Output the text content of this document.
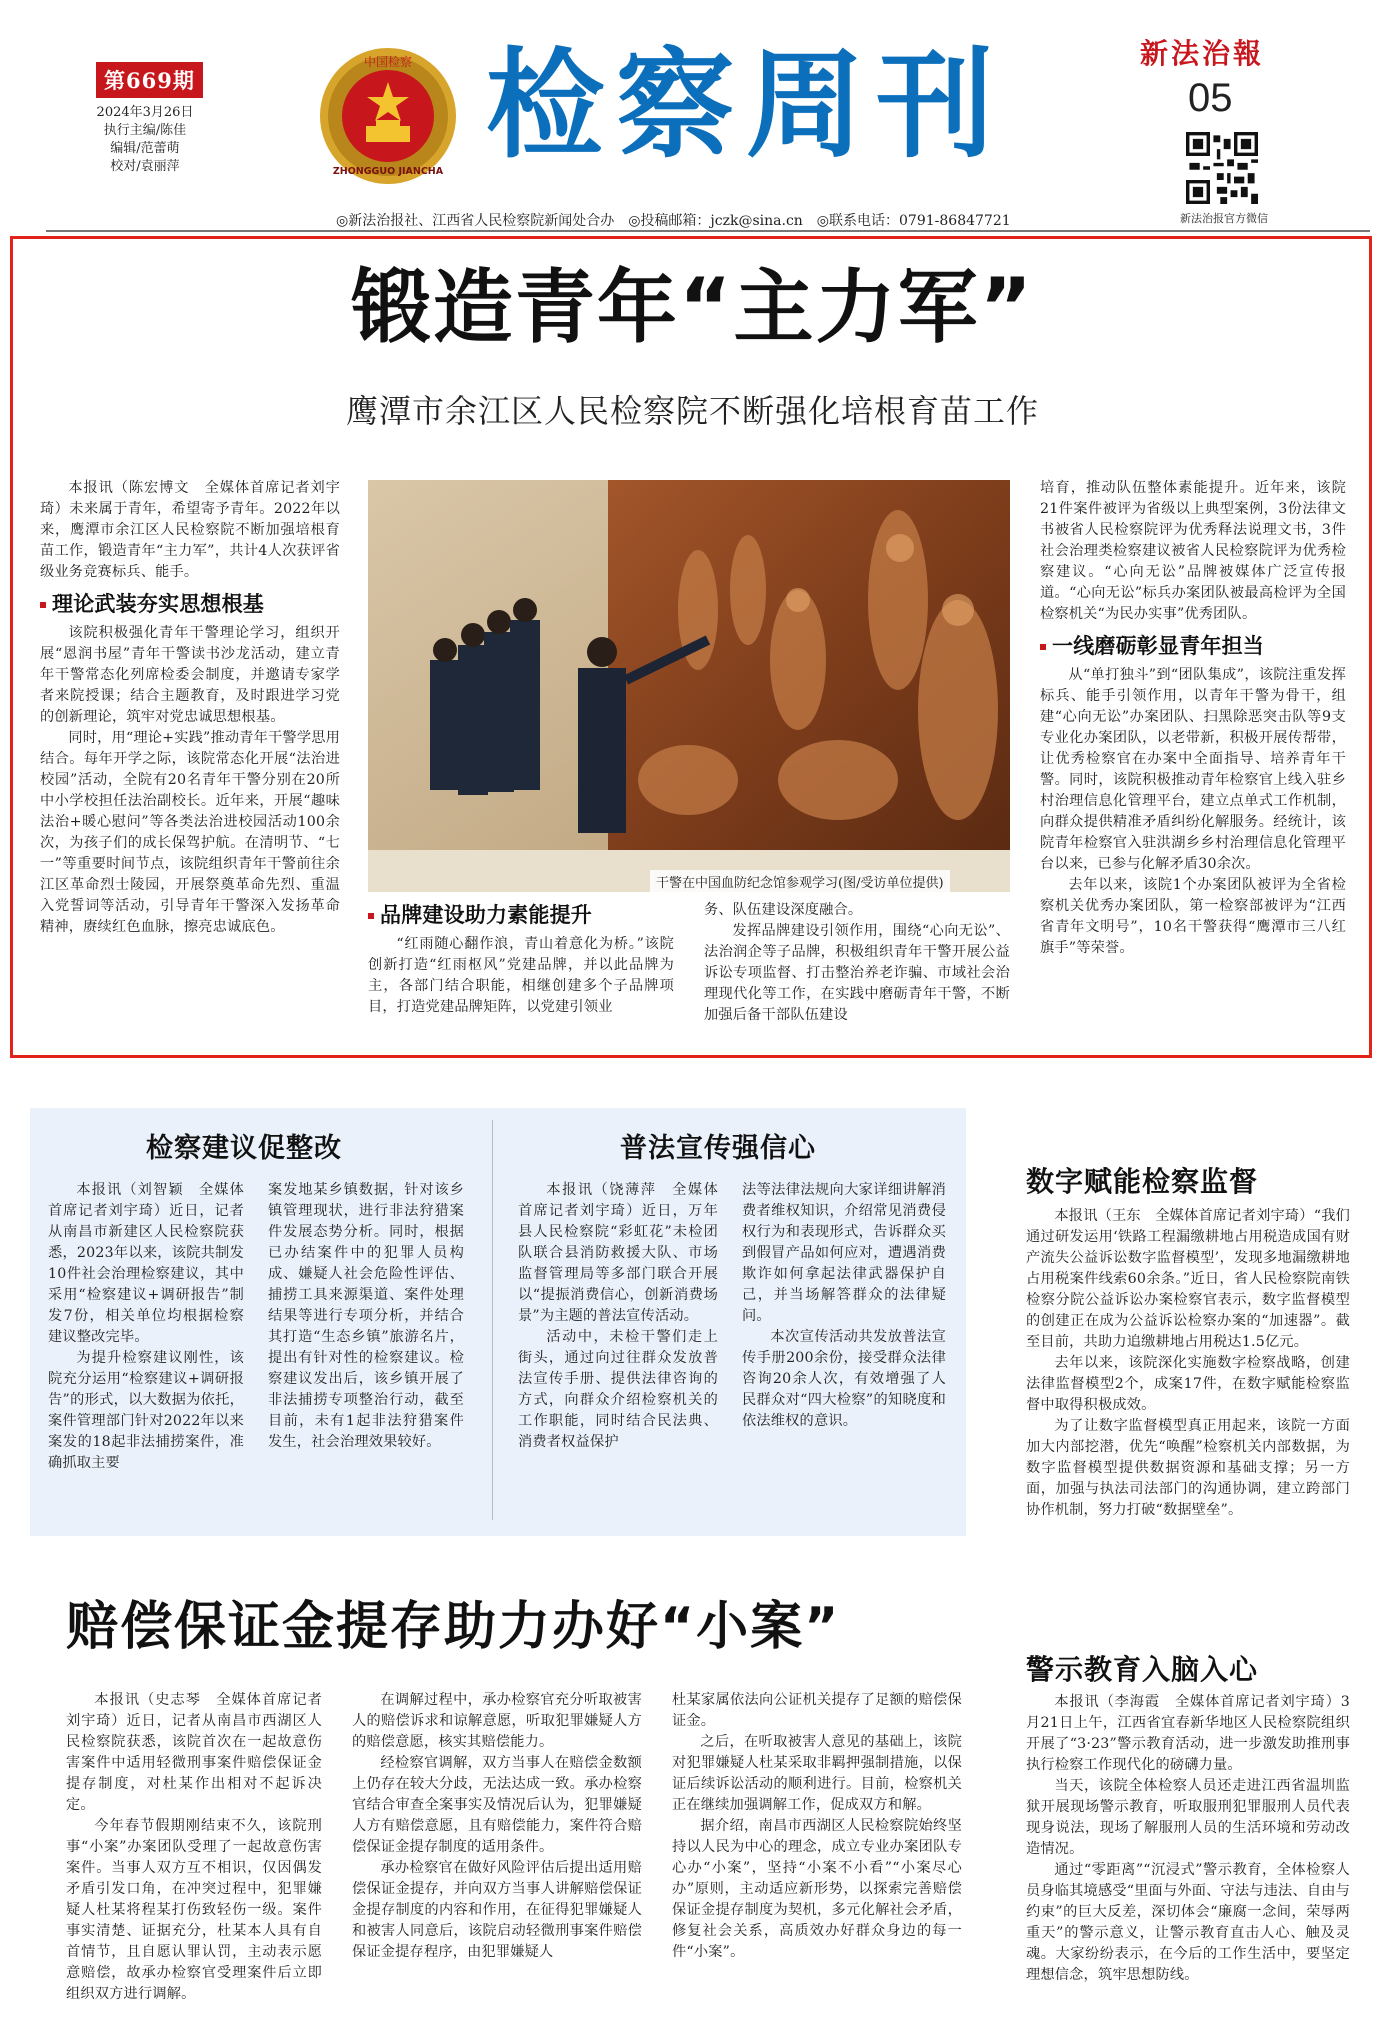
第669期
2024年3月26日
执行主编/陈佳
编辑/范蕾萌
校对/袁丽萍
中国检察
ZHONGGUO JIANCHA 检察周刊	新法治報
05
新法治报官方微信
◎新法治报社、江西省人民检察院新闻处合办　◎投稿邮箱：jczk@sina.cn　◎联系电话：0791-86847721
锻造青年“主力军”
鹰潭市余江区人民检察院不断强化培根育苗工作

本报讯（陈宏博文　全媒体首席记者刘宇琦）未来属于青年，希望寄予青年。2022年以来，鹰潭市余江区人民检察院不断加强培根育苗工作，锻造青年“主力军”，共计4人次获评省级业务竞赛标兵、能手。

理论武装夯实思想根基

该院积极强化青年干警理论学习，组织开展“恩润书屋”青年干警读书沙龙活动，建立青年干警常态化列席检委会制度，并邀请专家学者来院授课；结合主题教育，及时跟进学习党的创新理论，筑牢对党忠诚思想根基。

同时，用“理论+实践”推动青年干警学思用结合。每年开学之际，该院常态化开展“法治进校园”活动，全院有20名青年干警分别在20所中小学校担任法治副校长。近年来，开展“趣味法治+暖心慰问”等各类法治进校园活动100余次，为孩子们的成长保驾护航。在清明节、“七一”等重要时间节点，该院组织青年干警前往余江区革命烈士陵园，开展祭奠革命先烈、重温入党誓词等活动，引导青年干警深入发扬革命精神，赓续红色血脉，擦亮忠诚底色。

干警在中国血防纪念馆参观学习(图/受访单位提供)
品牌建设助力素能提升

“红雨随心翻作浪，青山着意化为桥。”该院创新打造“红雨枢风”党建品牌，并以此品牌为主，各部门结合职能，相继创建多个子品牌项目，打造党建品牌矩阵，以党建引领业

务、队伍建设深度融合。

发挥品牌建设引领作用，围绕“心向无讼”、法治润企等子品牌，积极组织青年干警开展公益诉讼专项监督、打击整治养老诈骗、市域社会治理现代化等工作，在实践中磨砺青年干警，不断加强后备干部队伍建设

培育，推动队伍整体素能提升。近年来，该院21件案件被评为省级以上典型案例，3份法律文书被省人民检察院评为优秀释法说理文书，3件社会治理类检察建议被省人民检察院评为优秀检察建议。“心向无讼”品牌被媒体广泛宣传报道。“心向无讼”标兵办案团队被最高检评为全国检察机关“为民办实事”优秀团队。

一线磨砺彰显青年担当

从“单打独斗”到“团队集成”，该院注重发挥标兵、能手引领作用，以青年干警为骨干，组建“心向无讼”办案团队、扫黑除恶突击队等9支专业化办案团队，以老带新，积极开展传帮带，让优秀检察官在办案中全面指导、培养青年干警。同时，该院积极推动青年检察官上线入驻乡村治理信息化管理平台，建立点单式工作机制，向群众提供精准矛盾纠纷化解服务。经统计，该院青年检察官入驻洪湖乡乡村治理信息化管理平台以来，已参与化解矛盾30余次。

去年以来，该院1个办案团队被评为全省检察机关优秀办案团队，第一检察部被评为“江西省青年文明号”，10名干警获得“鹰潭市三八红旗手”等荣誉。

检察建议促整改

本报讯（刘智颖　全媒体首席记者刘宇琦）近日，记者从南昌市新建区人民检察院获悉，2023年以来，该院共制发10件社会治理检察建议，其中采用“检察建议+调研报告”制发7份，相关单位均根据检察建议整改完毕。

为提升检察建议刚性，该院充分运用“检察建议+调研报告”的形式，以大数据为依托，案件管理部门针对2022年以来案发的18起非法捕捞案件，准确抓取主要

案发地某乡镇数据，针对该乡镇管理现状，进行非法狩猎案件发展态势分析。同时，根据已办结案件中的犯罪人员构成、嫌疑人社会危险性评估、捕捞工具来源渠道、案件处理结果等进行专项分析，并结合其打造“生态乡镇”旅游名片，提出有针对性的检察建议。检察建议发出后，该乡镇开展了非法捕捞专项整治行动，截至目前，未有1起非法狩猎案件发生，社会治理效果较好。

普法宣传强信心

本报讯（饶薄萍　全媒体首席记者刘宇琦）近日，万年县人民检察院“彩虹花”未检团队联合县消防救援大队、市场监督管理局等多部门联合开展以“提振消费信心，创新消费场景”为主题的普法宣传活动。

活动中，未检干警们走上街头，通过向过往群众发放普法宣传手册、提供法律咨询的方式，向群众介绍检察机关的工作职能，同时结合民法典、消费者权益保护

法等法律法规向大家详细讲解消费者维权知识，介绍常见消费侵权行为和表现形式，告诉群众买到假冒产品如何应对，遭遇消费欺诈如何拿起法律武器保护自己，并当场解答群众的法律疑问。

本次宣传活动共发放普法宣传手册200余份，接受群众法律咨询20余人次，有效增强了人民群众对“四大检察”的知晓度和依法维权的意识。

数字赋能检察监督

本报讯（王东　全媒体首席记者刘宇琦）“我们通过研发运用‘铁路工程漏缴耕地占用税造成国有财产流失公益诉讼数字监督模型’，发现多地漏缴耕地占用税案件线索60余条。”近日，省人民检察院南铁检察分院公益诉讼办案检察官表示，数字监督模型的创建正在成为公益诉讼检察办案的“加速器”。截至目前，共助力追缴耕地占用税达1.5亿元。

去年以来，该院深化实施数字检察战略，创建法律监督模型2个，成案17件，在数字赋能检察监督中取得积极成效。

为了让数字监督模型真正用起来，该院一方面加大内部挖潜，优先“唤醒”检察机关内部数据，为数字监督模型提供数据资源和基础支撑；另一方面，加强与执法司法部门的沟通协调，建立跨部门协作机制，努力打破“数据壁垒”。

赔偿保证金提存助力办好“小案”

本报讯（史志琴　全媒体首席记者刘宇琦）近日，记者从南昌市西湖区人民检察院获悉，该院首次在一起故意伤害案件中适用轻微刑事案件赔偿保证金提存制度，对杜某作出相对不起诉决定。

今年春节假期刚结束不久，该院刑事“小案”办案团队受理了一起故意伤害案件。当事人双方互不相识，仅因偶发矛盾引发口角，在冲突过程中，犯罪嫌疑人杜某将程某打伤致轻伤一级。案件事实清楚、证据充分，杜某本人具有自首情节，且自愿认罪认罚，主动表示愿意赔偿，故承办检察官受理案件后立即组织双方进行调解。

在调解过程中，承办检察官充分听取被害人的赔偿诉求和谅解意愿，听取犯罪嫌疑人方的赔偿意愿，核实其赔偿能力。

经检察官调解，双方当事人在赔偿金数额上仍存在较大分歧，无法达成一致。承办检察官结合审查全案事实及情况后认为，犯罪嫌疑人方有赔偿意愿，且有赔偿能力，案件符合赔偿保证金提存制度的适用条件。

承办检察官在做好风险评估后提出适用赔偿保证金提存，并向双方当事人讲解赔偿保证金提存制度的内容和作用，在征得犯罪嫌疑人和被害人同意后，该院启动轻微刑事案件赔偿保证金提存程序，由犯罪嫌疑人

杜某家属依法向公证机关提存了足额的赔偿保证金。

之后，在听取被害人意见的基础上，该院对犯罪嫌疑人杜某采取非羁押强制措施，以保证后续诉讼活动的顺利进行。目前，检察机关正在继续加强调解工作，促成双方和解。

据介绍，南昌市西湖区人民检察院始终坚持以人民为中心的理念，成立专业办案团队专心办“小案”，坚持“小案不小看”“小案尽心办”原则，主动适应新形势，以探索完善赔偿保证金提存制度为契机，多元化解社会矛盾，修复社会关系，高质效办好群众身边的每一件“小案”。

警示教育入脑入心

本报讯（李海霞　全媒体首席记者刘宇琦）3月21日上午，江西省宜春新华地区人民检察院组织开展了“3·23”警示教育活动，进一步激发助推刑事执行检察工作现代化的磅礴力量。

当天，该院全体检察人员还走进江西省温圳监狱开展现场警示教育，听取服刑犯罪服刑人员代表现身说法，现场了解服刑人员的生活环境和劳动改造情况。

通过“零距离”“沉浸式”警示教育，全体检察人员身临其境感受“里面与外面、守法与违法、自由与约束”的巨大反差，深切体会“廉腐一念间，荣辱两重天”的警示意义，让警示教育直击人心、触及灵魂。大家纷纷表示，在今后的工作生活中，要坚定理想信念，筑牢思想防线。
